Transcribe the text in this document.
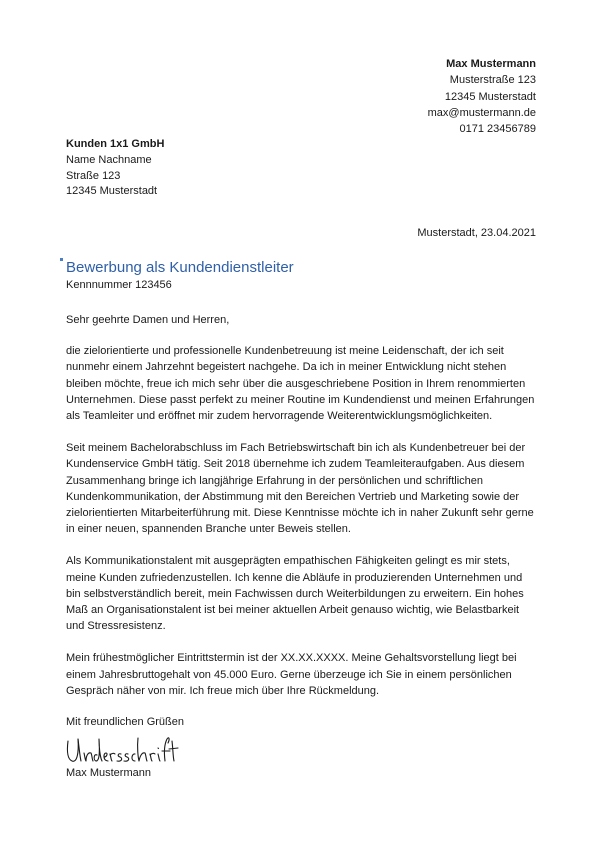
Max Mustermann
Musterstraße 123
12345 Musterstadt
max@mustermann.de
0171 23456789
Kunden 1x1 GmbH
Name Nachname
Straße 123
12345 Musterstadt
Musterstadt, 23.04.2021
Bewerbung als Kundendienstleiter
Kennnummer 123456
Sehr geehrte Damen und Herren,

die zielorientierte und professionelle Kundenbetreuung ist meine Leidenschaft, der ich seit nunmehr einem Jahrzehnt begeistert nachgehe. Da ich in meiner Entwicklung nicht stehen bleiben möchte, freue ich mich sehr über die ausgeschriebene Position in Ihrem renommierten Unternehmen. Diese passt perfekt zu meiner Routine im Kundendienst und meinen Erfahrungen als Teamleiter und eröffnet mir zudem hervorragende Weiterentwicklungsmöglichkeiten.

Seit meinem Bachelorabschluss im Fach Betriebswirtschaft bin ich als Kundenbetreuer bei der Kundenservice GmbH tätig. Seit 2018 übernehme ich zudem Teamleiteraufgaben. Aus diesem Zusammenhang bringe ich langjährige Erfahrung in der persönlichen und schriftlichen Kundenkommunikation, der Abstimmung mit den Bereichen Vertrieb und Marketing sowie der zielorientierten Mitarbeiterführung mit. Diese Kenntnisse möchte ich in naher Zukunft sehr gerne in einer neuen, spannenden Branche unter Beweis stellen.

Als Kommunikationstalent mit ausgeprägten empathischen Fähigkeiten gelingt es mir stets, meine Kunden zufriedenzustellen. Ich kenne die Abläufe in produzierenden Unternehmen und bin selbstverständlich bereit, mein Fachwissen durch Weiterbildungen zu erweitern. Ein hohes Maß an Organisationstalent ist bei meiner aktuellen Arbeit genauso wichtig, wie Belastbarkeit und Stressresistenz.

Mein frühestmöglicher Eintrittstermin ist der XX.XX.XXXX. Meine Gehaltsvorstellung liegt bei einem Jahresbruttogehalt von 45.000 Euro. Gerne überzeuge ich Sie in einem persönlichen Gespräch näher von mir. Ich freue mich über Ihre Rückmeldung.

Mit freundlichen Grüßen
Max Mustermann
